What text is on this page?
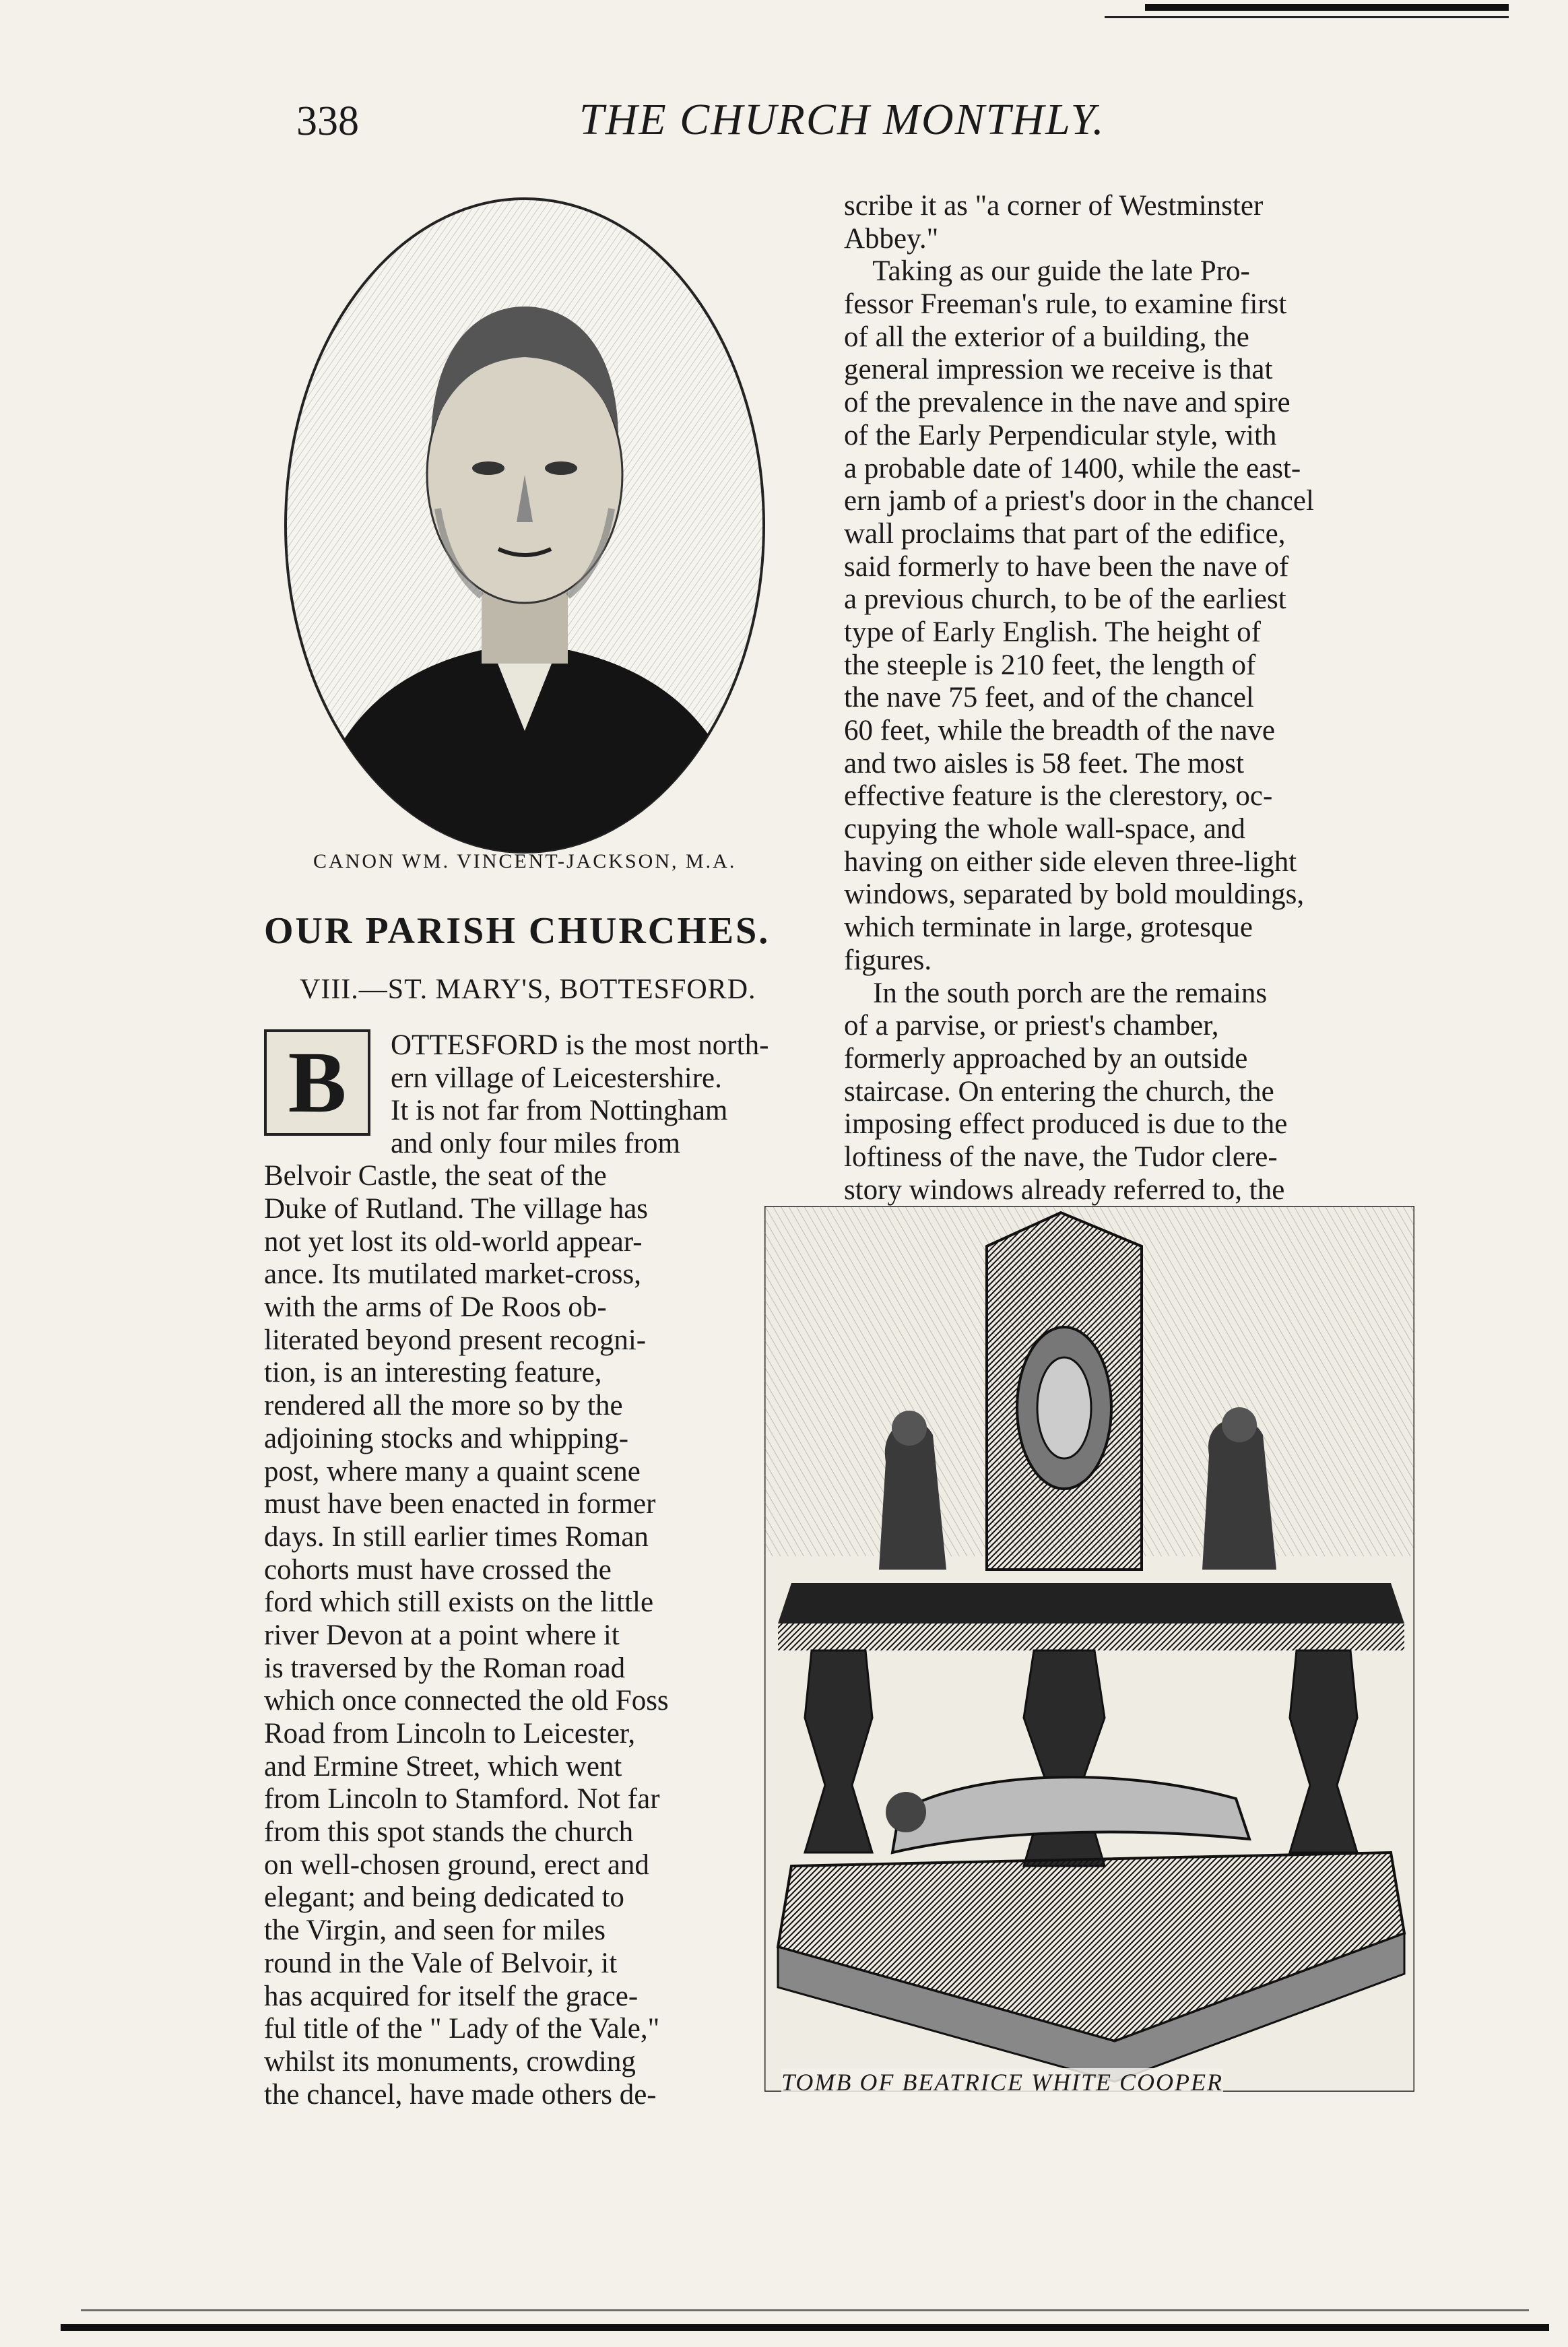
338	THE CHURCH MONTHLY.
CANON WM. VINCENT-JACKSON, M.A.
OUR PARISH CHURCHES.
VIII.—ST. MARY'S, BOTTESFORD.
B	OTTESFORD is the most north-
ern village of Leicestershire.
It is not far from Nottingham
and only four miles from
Belvoir Castle, the seat of the
Duke of Rutland. The village has
not yet lost its old-world appear-
ance. Its mutilated market-cross,
with the arms of De Roos ob-
literated beyond present recogni-
tion, is an interesting feature,
rendered all the more so by the
adjoining stocks and whipping-
post, where many a quaint scene
must have been enacted in former
days. In still earlier times Roman
cohorts must have crossed the
ford which still exists on the little
river Devon at a point where it
is traversed by the Roman road
which once connected the old Foss
Road from Lincoln to Leicester,
and Ermine Street, which went
from Lincoln to Stamford. Not far
from this spot stands the church
on well-chosen ground, erect and
elegant; and being dedicated to
the Virgin, and seen for miles
round in the Vale of Belvoir, it
has acquired for itself the grace-
ful title of the " Lady of the Vale,"
whilst its monuments, crowding
the chancel, have made others de-
scribe it as "a corner of Westminster
Abbey."
Taking as our guide the late Pro-
fessor Freeman's rule, to examine first
of all the exterior of a building, the
general impression we receive is that
of the prevalence in the nave and spire
of the Early Perpendicular style, with
a probable date of 1400, while the east-
ern jamb of a priest's door in the chancel
wall proclaims that part of the edifice,
said formerly to have been the nave of
a previous church, to be of the earliest
type of Early English. The height of
the steeple is 210 feet, the length of
the nave 75 feet, and of the chancel
60 feet, while the breadth of the nave
and two aisles is 58 feet. The most
effective feature is the clerestory, oc-
cupying the whole wall-space, and
having on either side eleven three-light
windows, separated by bold mouldings,
which terminate in large, grotesque
figures.
In the south porch are the remains
of a parvise, or priest's chamber,
formerly approached by an outside
staircase. On entering the church, the
imposing effect produced is due to the
loftiness of the nave, the Tudor clere-
story windows already referred to, the
TOMB OF BEATRICE WHITE COOPER
